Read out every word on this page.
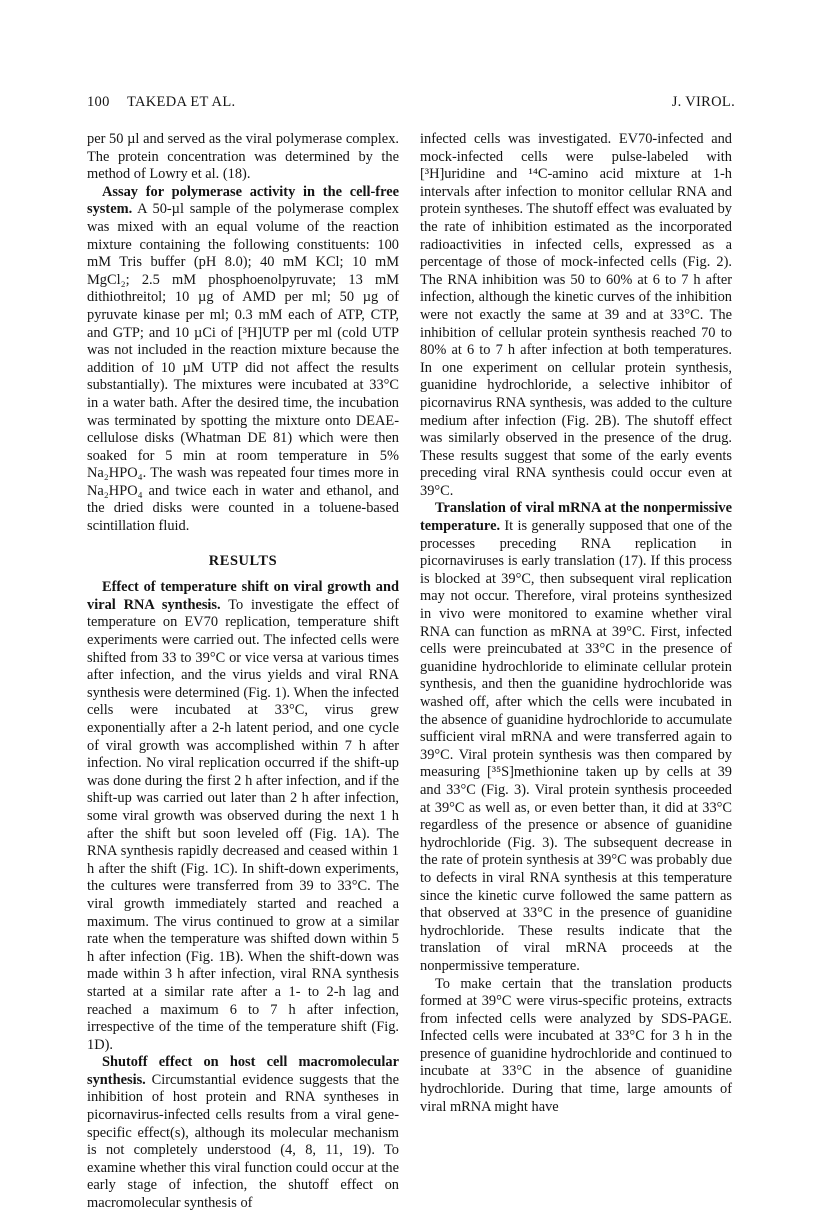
100 TAKEDA ET AL.	J. VIROL.

per 50 µl and served as the viral polymerase complex. The protein concentration was determined by the method of Lowry et al. (18).

Assay for polymerase activity in the cell-free system. A 50-µl sample of the polymerase complex was mixed with an equal volume of the reaction mixture containing the following constituents: 100 mM Tris buffer (pH 8.0); 40 mM KCl; 10 mM MgCl₂; 2.5 mM phosphoenolpyruvate; 13 mM dithiothreitol; 10 µg of AMD per ml; 50 µg of pyruvate kinase per ml; 0.3 mM each of ATP, CTP, and GTP; and 10 µCi of [³H]UTP per ml (cold UTP was not included in the reaction mixture because the addition of 10 µM UTP did not affect the results substantially). The mixtures were incubated at 33°C in a water bath. After the desired time, the incubation was terminated by spotting the mixture onto DEAE-cellulose disks (Whatman DE 81) which were then soaked for 5 min at room temperature in 5% Na₂HPO₄. The wash was repeated four times more in Na₂HPO₄ and twice each in water and ethanol, and the dried disks were counted in a toluene-based scintillation fluid.

RESULTS

Effect of temperature shift on viral growth and viral RNA synthesis. To investigate the effect of temperature on EV70 replication, temperature shift experiments were carried out. The infected cells were shifted from 33 to 39°C or vice versa at various times after infection, and the virus yields and viral RNA synthesis were determined (Fig. 1). When the infected cells were incubated at 33°C, virus grew exponentially after a 2-h latent period, and one cycle of viral growth was accomplished within 7 h after infection. No viral replication occurred if the shift-up was done during the first 2 h after infection, and if the shift-up was carried out later than 2 h after infection, some viral growth was observed during the next 1 h after the shift but soon leveled off (Fig. 1A). The RNA synthesis rapidly decreased and ceased within 1 h after the shift (Fig. 1C). In shift-down experiments, the cultures were transferred from 39 to 33°C. The viral growth immediately started and reached a maximum. The virus continued to grow at a similar rate when the temperature was shifted down within 5 h after infection (Fig. 1B). When the shift-down was made within 3 h after infection, viral RNA synthesis started at a similar rate after a 1- to 2-h lag and reached a maximum 6 to 7 h after infection, irrespective of the time of the temperature shift (Fig. 1D).

Shutoff effect on host cell macromolecular synthesis. Circumstantial evidence suggests that the inhibition of host protein and RNA syntheses in picornavirus-infected cells results from a viral gene-specific effect(s), although its molecular mechanism is not completely understood (4, 8, 11, 19). To examine whether this viral function could occur at the early stage of infection, the shutoff effect on macromolecular synthesis of

infected cells was investigated. EV70-infected and mock-infected cells were pulse-labeled with [³H]uridine and ¹⁴C-amino acid mixture at 1-h intervals after infection to monitor cellular RNA and protein syntheses. The shutoff effect was evaluated by the rate of inhibition estimated as the incorporated radioactivities in infected cells, expressed as a percentage of those of mock-infected cells (Fig. 2). The RNA inhibition was 50 to 60% at 6 to 7 h after infection, although the kinetic curves of the inhibition were not exactly the same at 39 and at 33°C. The inhibition of cellular protein synthesis reached 70 to 80% at 6 to 7 h after infection at both temperatures. In one experiment on cellular protein synthesis, guanidine hydrochloride, a selective inhibitor of picornavirus RNA synthesis, was added to the culture medium after infection (Fig. 2B). The shutoff effect was similarly observed in the presence of the drug. These results suggest that some of the early events preceding viral RNA synthesis could occur even at 39°C.

Translation of viral mRNA at the nonpermissive temperature. It is generally supposed that one of the processes preceding RNA replication in picornaviruses is early translation (17). If this process is blocked at 39°C, then subsequent viral replication may not occur. Therefore, viral proteins synthesized in vivo were monitored to examine whether viral RNA can function as mRNA at 39°C. First, infected cells were preincubated at 33°C in the presence of guanidine hydrochloride to eliminate cellular protein synthesis, and then the guanidine hydrochloride was washed off, after which the cells were incubated in the absence of guanidine hydrochloride to accumulate sufficient viral mRNA and were transferred again to 39°C. Viral protein synthesis was then compared by measuring [³⁵S]methionine taken up by cells at 39 and 33°C (Fig. 3). Viral protein synthesis proceeded at 39°C as well as, or even better than, it did at 33°C regardless of the presence or absence of guanidine hydrochloride (Fig. 3). The subsequent decrease in the rate of protein synthesis at 39°C was probably due to defects in viral RNA synthesis at this temperature since the kinetic curve followed the same pattern as that observed at 33°C in the presence of guanidine hydrochloride. These results indicate that the translation of viral mRNA proceeds at the nonpermissive temperature.

To make certain that the translation products formed at 39°C were virus-specific proteins, extracts from infected cells were analyzed by SDS-PAGE. Infected cells were incubated at 33°C for 3 h in the presence of guanidine hydrochloride and continued to incubate at 33°C in the absence of guanidine hydrochloride. During that time, large amounts of viral mRNA might have
